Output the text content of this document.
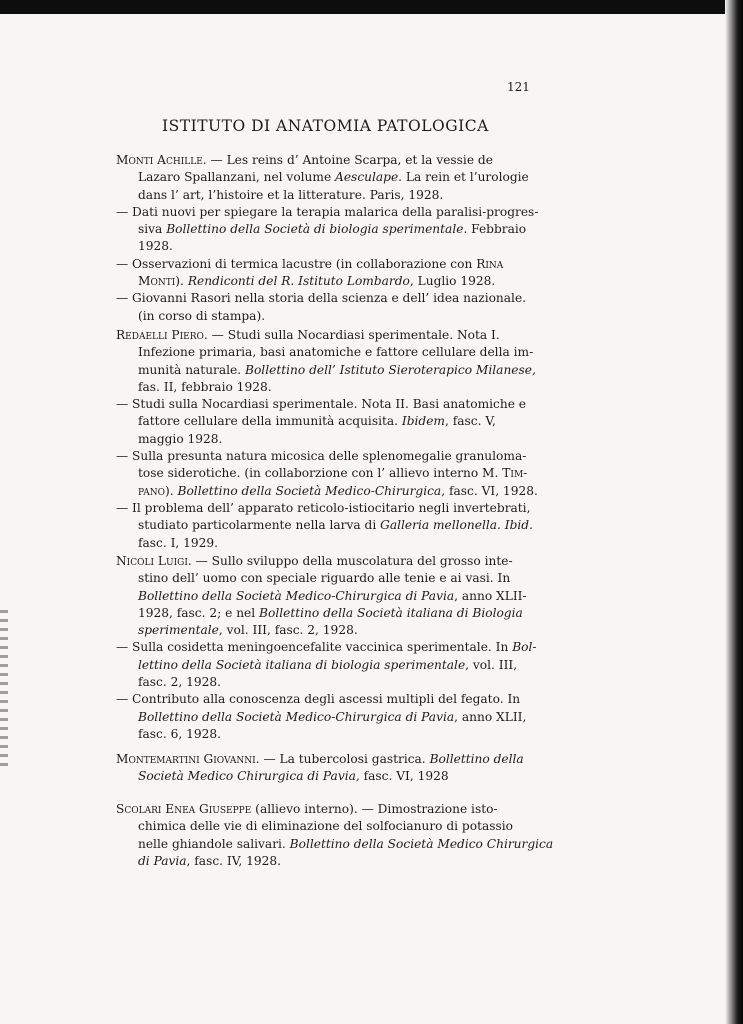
121
ISTITUTO DI ANATOMIA PATOLOGICA
Monti Achille. — Les reins d’ Antoine Scarpa, et la vessie de
Lazaro Spallanzani, nel volume Aesculape. La rein et l’urologie
dans l’ art, l’histoire et la litterature. Paris, 1928.
— Dati nuovi per spiegare la terapia malarica della paralisi-progres-
siva Bollettino della Società di biologia sperimentale. Febbraio
1928.
— Osservazioni di termica lacustre (in collaborazione con Rina
Monti). Rendiconti del R. Istituto Lombardo, Luglio 1928.
— Giovanni Rasori nella storia della scienza e dell’ idea nazionale.
(in corso di stampa).
Redaelli Piero. — Studi sulla Nocardiasi sperimentale. Nota I.
Infezione primaria, basi anatomiche e fattore cellulare della im-
munità naturale. Bollettino dell’ Istituto Sieroterapico Milanese,
fas. II, febbraio 1928.
— Studi sulla Nocardiasi sperimentale. Nota II. Basi anatomiche e
fattore cellulare della immunità acquisita. Ibidem, fasc. V,
maggio 1928.
— Sulla presunta natura micosica delle splenomegalie granuloma-
tose siderotiche. (in collaborzione con l’ allievo interno M. Tim-
pano). Bollettino della Società Medico-Chirurgica, fasc. VI, 1928.
— Il problema dell’ apparato reticolo-istiocitario negli invertebrati,
studiato particolarmente nella larva di Galleria mellonella. Ibid.
fasc. I, 1929.
Nicoli Luigi. — Sullo sviluppo della muscolatura del grosso inte-
stino dell’ uomo con speciale riguardo alle tenie e ai vasi. In
Bollettino della Società Medico-Chirurgica di Pavia, anno XLII-
1928, fasc. 2; e nel Bollettino della Società italiana di Biologia
sperimentale, vol. III, fasc. 2, 1928.
— Sulla cosidetta meningoencefalite vaccinica sperimentale. In Bol-
lettino della Società italiana di biologia sperimentale, vol. III,
fasc. 2, 1928.
— Contributo alla conoscenza degli ascessi multipli del fegato. In
Bollettino della Società Medico-Chirurgica di Pavia, anno XLII,
fasc. 6, 1928.
Montemartini Giovanni. — La tubercolosi gastrica. Bollettino della
Società Medico Chirurgica di Pavia, fasc. VI, 1928
Scolari Enea Giuseppe (allievo interno). — Dimostrazione isto-
chimica delle vie di eliminazione del solfocianuro di potassio
nelle ghiandole salivari. Bollettino della Società Medico Chirurgica
di Pavia, fasc. IV, 1928.
